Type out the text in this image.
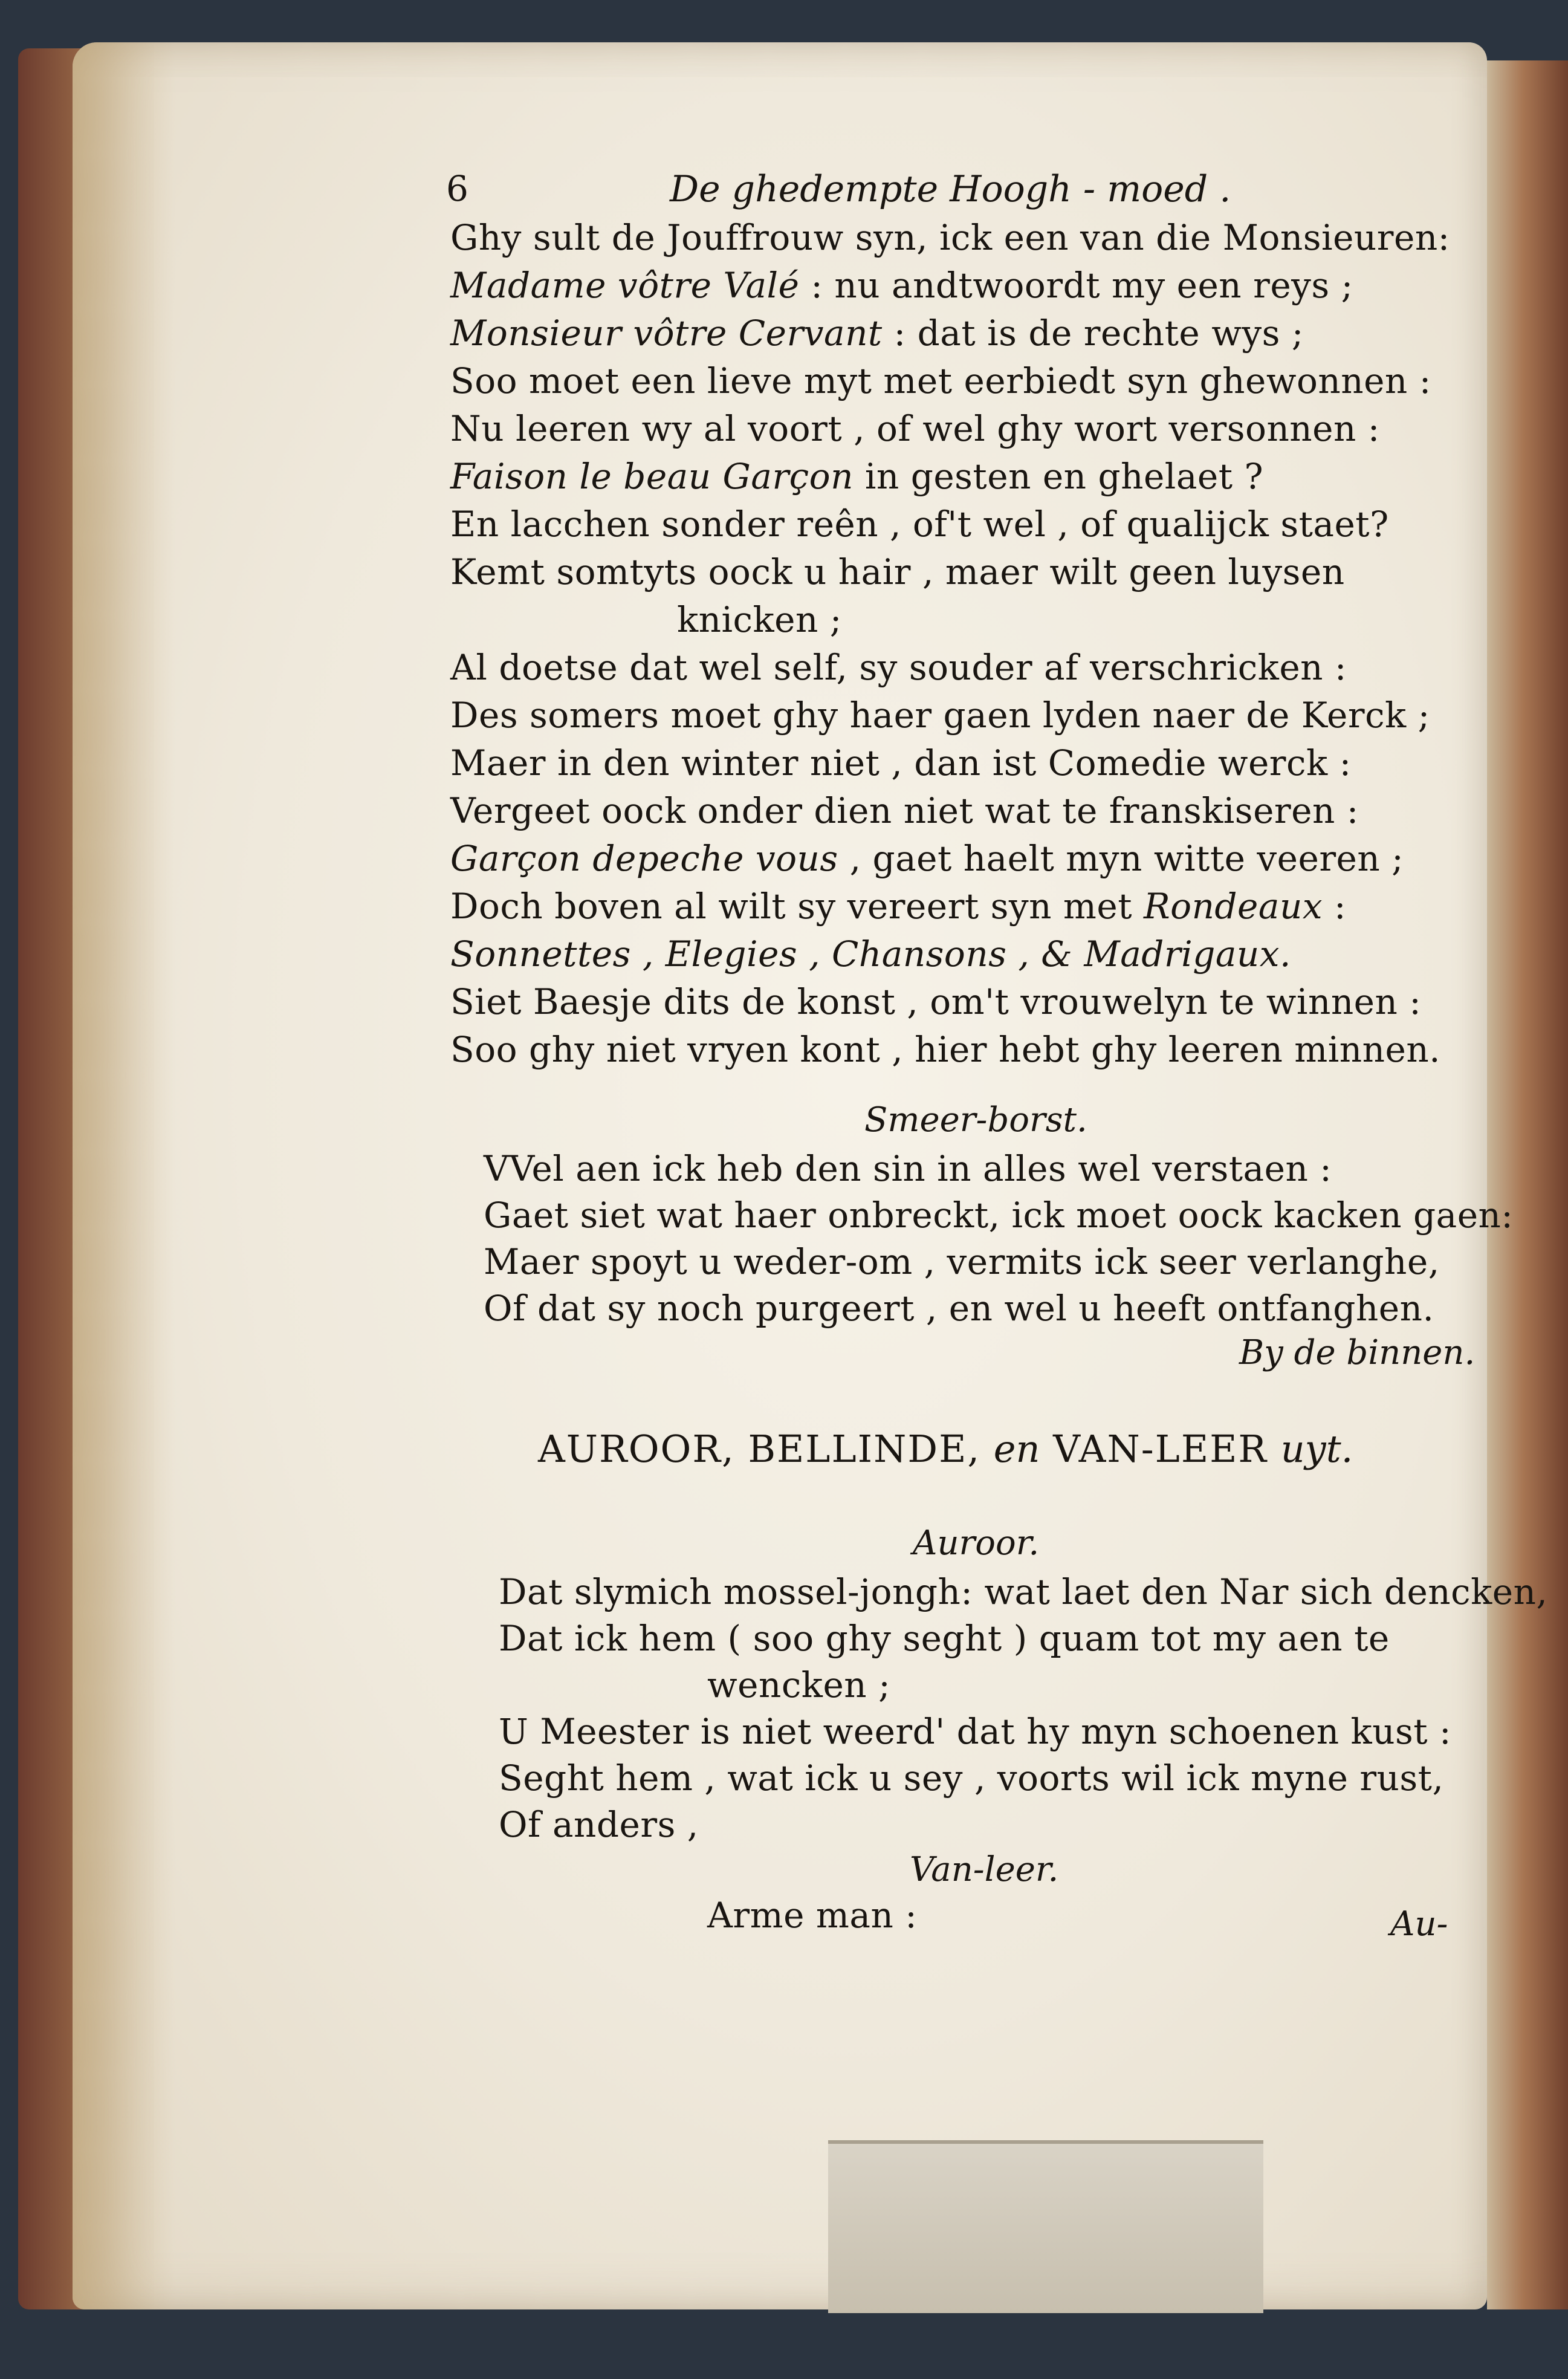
6	De ghedempte Hoogh - moed .
Ghy sult de Jouffrouw syn, ick een van die Monsieuren:
Madame vôtre Valé : nu andtwoordt my een reys ;
Monsieur vôtre Cervant : dat is de rechte wys ;
Soo moet een lieve myt met eerbiedt syn ghewonnen :
Nu leeren wy al voort , of wel ghy wort versonnen :
Faison le beau Garçon in gesten en ghelaet ?
En lacchen sonder reên , of't wel , of qualijck staet?
Kemt somtyts oock u hair , maer wilt geen luysen
knicken ;
Al doetse dat wel self, sy souder af verschricken :
Des somers moet ghy haer gaen lyden naer de Kerck ;
Maer in den winter niet , dan ist Comedie werck :
Vergeet oock onder dien niet wat te franskiseren :
Garçon depeche vous , gaet haelt myn witte veeren ;
Doch boven al wilt sy vereert syn met Rondeaux :
Sonnettes , Elegies , Chansons , & Madrigaux.
Siet Baesje dits de konst , om't vrouwelyn te winnen :
Soo ghy niet vryen kont , hier hebt ghy leeren minnen.
Smeer-borst.
VVel aen ick heb den sin in alles wel verstaen :
Gaet siet wat haer onbreckt, ick moet oock kacken gaen:
Maer spoyt u weder-om , vermits ick seer verlanghe,
Of dat sy noch purgeert , en wel u heeft ontfanghen.
By de binnen.
AUROOR, BELLINDE, en VAN-LEER uyt.
Auroor.
Dat slymich mossel-jongh: wat laet den Nar sich dencken,
Dat ick hem ( soo ghy seght ) quam tot my aen te
wencken ;
U Meester is niet weerd' dat hy myn schoenen kust :
Seght hem , wat ick u sey , voorts wil ick myne rust,
Of anders ,
Van-leer.
Arme man :	Au-
